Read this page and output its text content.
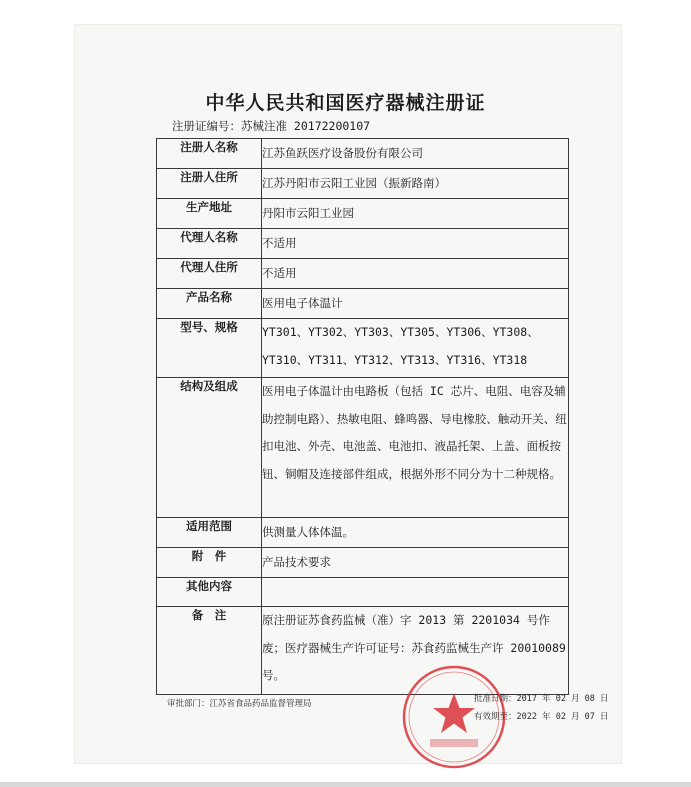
中华人民共和国医疗器械注册证
注册证编号：苏械注准 20172200107
注册人名称	江苏鱼跃医疗设备股份有限公司
注册人住所	江苏丹阳市云阳工业园（振新路南）
生产地址	丹阳市云阳工业园
代理人名称	不适用
代理人住所	不适用
产品名称	医用电子体温计
型号、规格	YT301、YT302、YT303、YT305、YT306、YT308、YT310、YT311、YT312、YT313、YT316、YT318
结构及组成	医用电子体温计由电路板（包括 IC 芯片、电阻、电容及辅助控制电路）、热敏电阻、蜂鸣器、导电橡胶、触动开关、纽扣电池、外壳、电池盖、电池扣、液晶托架、上盖、面板按钮、铜帽及连接部件组成，根据外形不同分为十二种规格。
适用范围	供测量人体体温。
附　件	产品技术要求
其他内容	
备　注	原注册证苏食药监械（准）字 2013 第 2201034 号作废；医疗器械生产许可证号：苏食药监械生产许 20010089 号。
审批部门：江苏省食品药品监督管理局	批准日期：2017 年 02 月 08 日
有效期至：2022 年 02 月 07 日
